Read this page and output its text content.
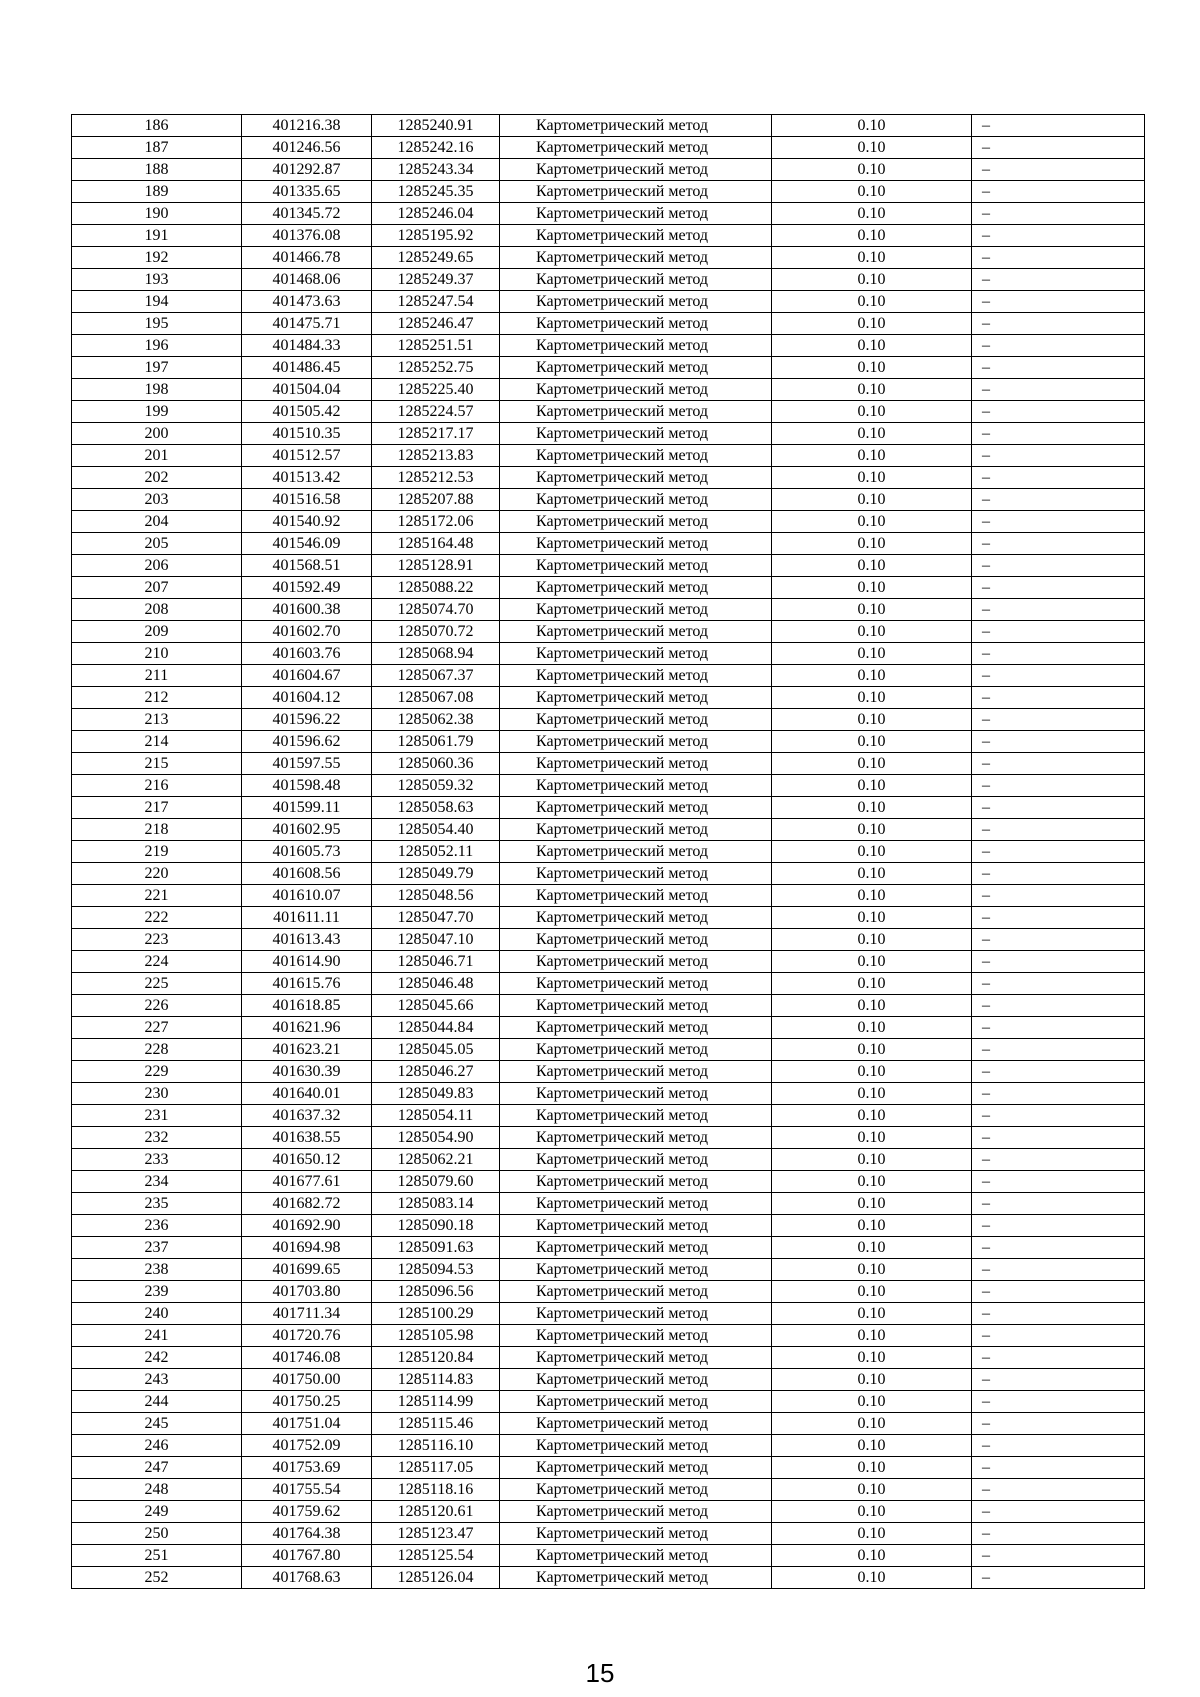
186	401216.38	1285240.91	Картометрический метод	0.10	–
187	401246.56	1285242.16	Картометрический метод	0.10	–
188	401292.87	1285243.34	Картометрический метод	0.10	–
189	401335.65	1285245.35	Картометрический метод	0.10	–
190	401345.72	1285246.04	Картометрический метод	0.10	–
191	401376.08	1285195.92	Картометрический метод	0.10	–
192	401466.78	1285249.65	Картометрический метод	0.10	–
193	401468.06	1285249.37	Картометрический метод	0.10	–
194	401473.63	1285247.54	Картометрический метод	0.10	–
195	401475.71	1285246.47	Картометрический метод	0.10	–
196	401484.33	1285251.51	Картометрический метод	0.10	–
197	401486.45	1285252.75	Картометрический метод	0.10	–
198	401504.04	1285225.40	Картометрический метод	0.10	–
199	401505.42	1285224.57	Картометрический метод	0.10	–
200	401510.35	1285217.17	Картометрический метод	0.10	–
201	401512.57	1285213.83	Картометрический метод	0.10	–
202	401513.42	1285212.53	Картометрический метод	0.10	–
203	401516.58	1285207.88	Картометрический метод	0.10	–
204	401540.92	1285172.06	Картометрический метод	0.10	–
205	401546.09	1285164.48	Картометрический метод	0.10	–
206	401568.51	1285128.91	Картометрический метод	0.10	–
207	401592.49	1285088.22	Картометрический метод	0.10	–
208	401600.38	1285074.70	Картометрический метод	0.10	–
209	401602.70	1285070.72	Картометрический метод	0.10	–
210	401603.76	1285068.94	Картометрический метод	0.10	–
211	401604.67	1285067.37	Картометрический метод	0.10	–
212	401604.12	1285067.08	Картометрический метод	0.10	–
213	401596.22	1285062.38	Картометрический метод	0.10	–
214	401596.62	1285061.79	Картометрический метод	0.10	–
215	401597.55	1285060.36	Картометрический метод	0.10	–
216	401598.48	1285059.32	Картометрический метод	0.10	–
217	401599.11	1285058.63	Картометрический метод	0.10	–
218	401602.95	1285054.40	Картометрический метод	0.10	–
219	401605.73	1285052.11	Картометрический метод	0.10	–
220	401608.56	1285049.79	Картометрический метод	0.10	–
221	401610.07	1285048.56	Картометрический метод	0.10	–
222	401611.11	1285047.70	Картометрический метод	0.10	–
223	401613.43	1285047.10	Картометрический метод	0.10	–
224	401614.90	1285046.71	Картометрический метод	0.10	–
225	401615.76	1285046.48	Картометрический метод	0.10	–
226	401618.85	1285045.66	Картометрический метод	0.10	–
227	401621.96	1285044.84	Картометрический метод	0.10	–
228	401623.21	1285045.05	Картометрический метод	0.10	–
229	401630.39	1285046.27	Картометрический метод	0.10	–
230	401640.01	1285049.83	Картометрический метод	0.10	–
231	401637.32	1285054.11	Картометрический метод	0.10	–
232	401638.55	1285054.90	Картометрический метод	0.10	–
233	401650.12	1285062.21	Картометрический метод	0.10	–
234	401677.61	1285079.60	Картометрический метод	0.10	–
235	401682.72	1285083.14	Картометрический метод	0.10	–
236	401692.90	1285090.18	Картометрический метод	0.10	–
237	401694.98	1285091.63	Картометрический метод	0.10	–
238	401699.65	1285094.53	Картометрический метод	0.10	–
239	401703.80	1285096.56	Картометрический метод	0.10	–
240	401711.34	1285100.29	Картометрический метод	0.10	–
241	401720.76	1285105.98	Картометрический метод	0.10	–
242	401746.08	1285120.84	Картометрический метод	0.10	–
243	401750.00	1285114.83	Картометрический метод	0.10	–
244	401750.25	1285114.99	Картометрический метод	0.10	–
245	401751.04	1285115.46	Картометрический метод	0.10	–
246	401752.09	1285116.10	Картометрический метод	0.10	–
247	401753.69	1285117.05	Картометрический метод	0.10	–
248	401755.54	1285118.16	Картометрический метод	0.10	–
249	401759.62	1285120.61	Картометрический метод	0.10	–
250	401764.38	1285123.47	Картометрический метод	0.10	–
251	401767.80	1285125.54	Картометрический метод	0.10	–
252	401768.63	1285126.04	Картометрический метод	0.10	–
15
